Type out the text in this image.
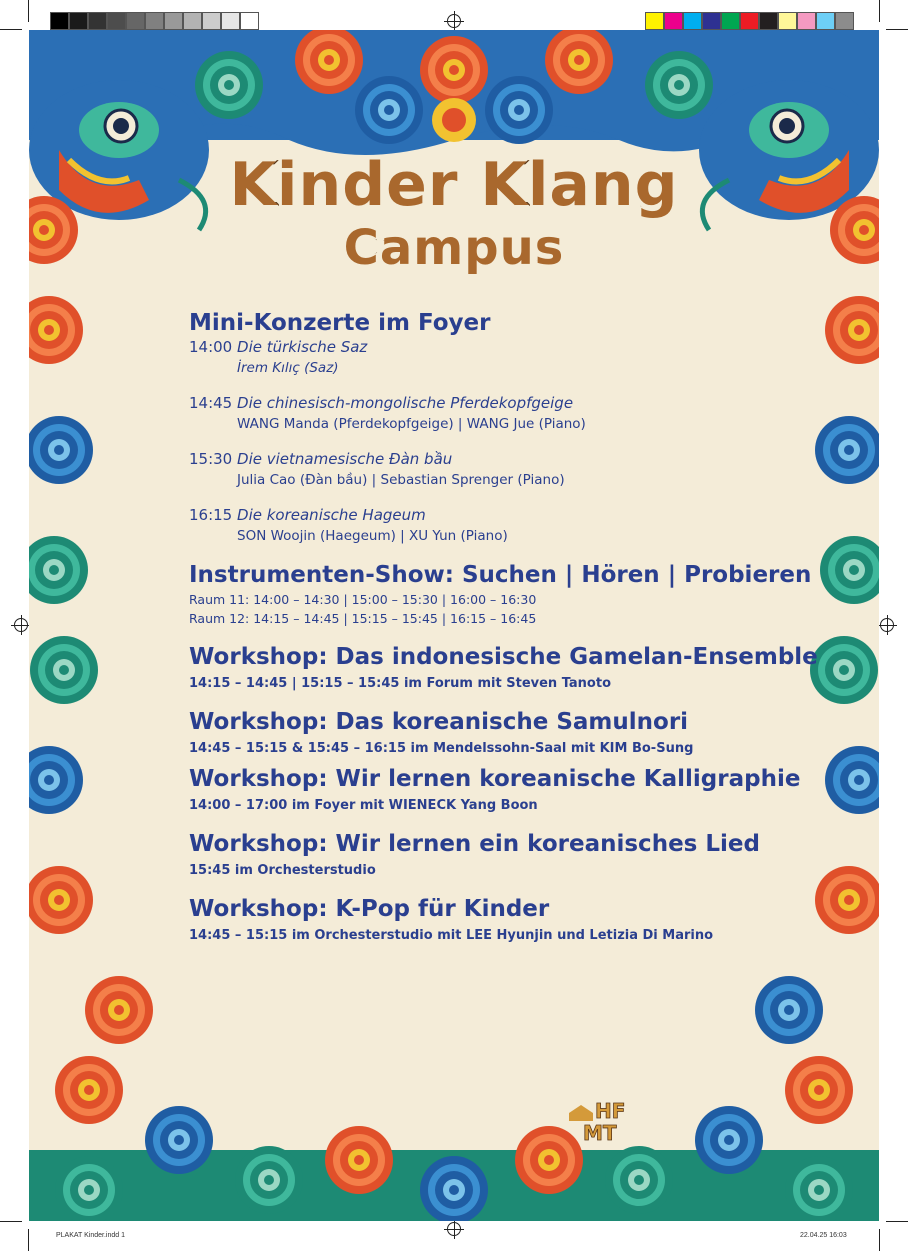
PLAKAT Kinder.indd 1	22.04.25 16:03
Kinder Klang
Campus
Mini-Konzerte im Foyer
14:00 Die türkische Saz
İrem Kılıç (Saz)
14:45 Die chinesisch-mongolische Pferdekopfgeige
WANG Manda (Pferdekopfgeige) | WANG Jue (Piano)
15:30 Die vietnamesische Đàn bầu
Julia Cao (Đàn bầu) | Sebastian Sprenger (Piano)
16:15 Die koreanische Hageum
SON Woojin (Haegeum) | XU Yun (Piano)
Instrumenten-Show: Suchen | Hören | Probieren
Raum 11: 14:00 – 14:30 | 15:00 – 15:30 | 16:00 – 16:30
Raum 12: 14:15 – 14:45 | 15:15 – 15:45 | 16:15 – 16:45
Workshop: Das indonesische Gamelan-Ensemble
14:15 – 14:45 | 15:15 – 15:45 im Forum mit Steven Tanoto
Workshop: Das koreanische Samulnori
14:45 – 15:15 & 15:45 – 16:15 im Mendelssohn-Saal mit KIM Bo-Sung
Workshop: Wir lernen koreanische Kalligraphie
14:00 – 17:00 im Foyer mit WIENECK Yang Boon
Workshop: Wir lernen ein koreanisches Lied
15:45 im Orchesterstudio
Workshop: K-Pop für Kinder
14:45 – 15:15 im Orchesterstudio mit LEE Hyunjin und Letizia Di Marino
HF
MT
